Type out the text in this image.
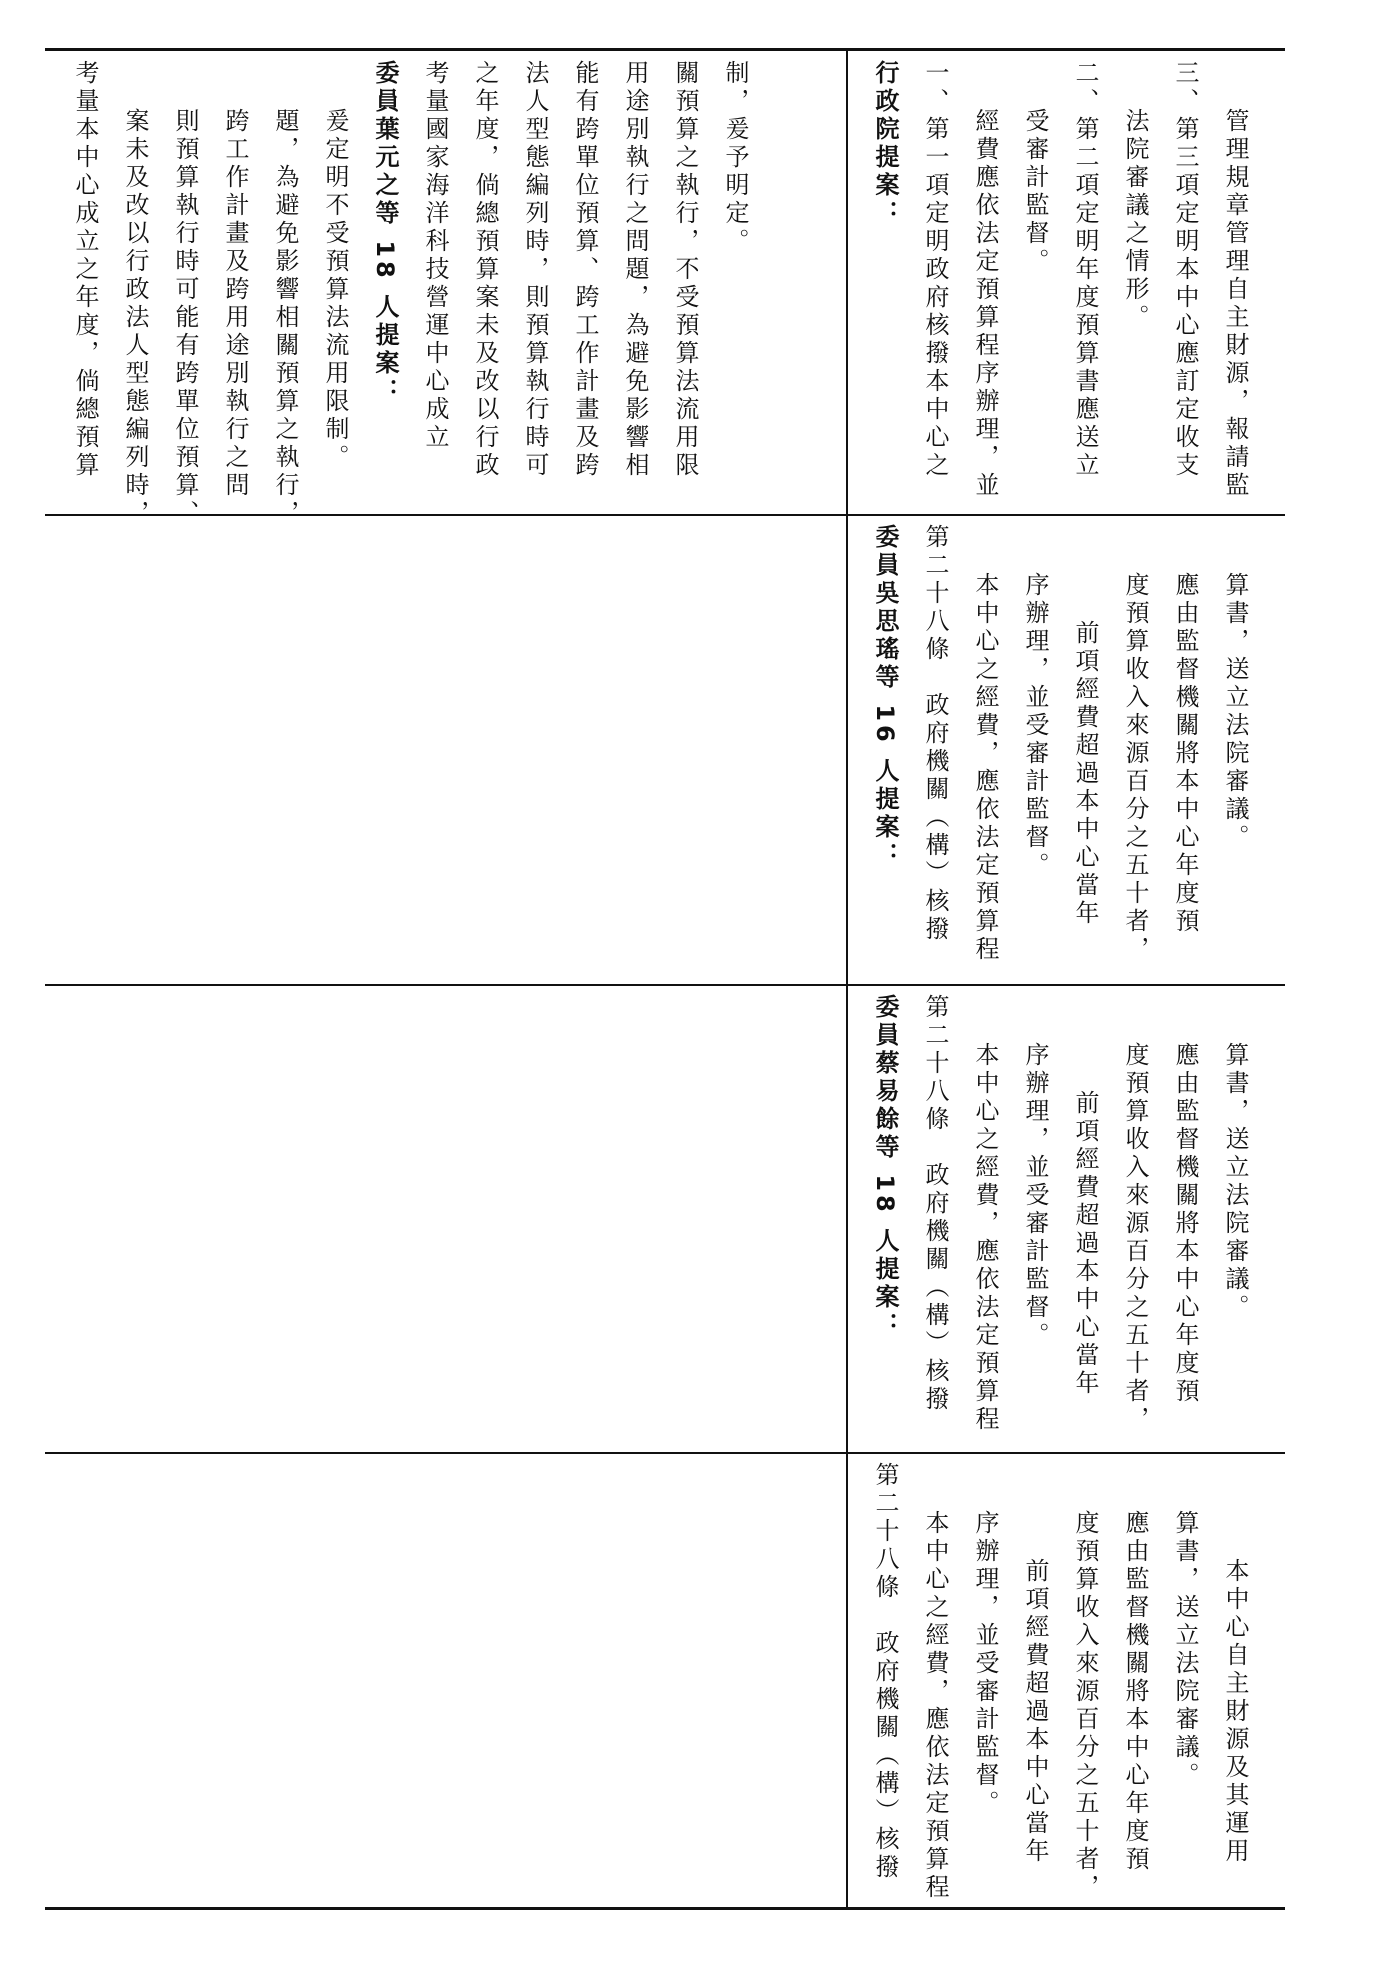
考量本中心成立之年度，倘總預算 案未及改以行政法人型態編列時， 則預算執行時可能有跨單位預算、 跨工作計畫及跨用途別執行之問 題，為避免影響相關預算之執行， 爰定明不受預算法流用限制。 委員葉元之等 18 人提案： 考量國家海洋科技營運中心成立 之年度，倘總預算案未及改以行政 法人型態編列時，則預算執行時可 能有跨單位預算、跨工作計畫及跨 用途別執行之問題，為避免影響相 關預算之執行，不受預算法流用限 制，爰予明定。	行政院提案： 一、第一項定明政府核撥本中心之 經費應依法定預算程序辦理，並 受審計監督。 二、第二項定明年度預算書應送立 法院審議之情形。 三、第三項定明本中心應訂定收支 管理規章管理自主財源，報請監
委員吳思瑤等 16 人提案： 第二十八條　政府機關（構）核撥 本中心之經費，應依法定預算程 序辦理，並受審計監督。 前項經費超過本中心當年 度預算收入來源百分之五十者， 應由監督機關將本中心年度預 算書，送立法院審議。
委員蔡易餘等 18 人提案： 第二十八條　政府機關（構）核撥 本中心之經費，應依法定預算程 序辦理，並受審計監督。 前項經費超過本中心當年 度預算收入來源百分之五十者， 應由監督機關將本中心年度預 算書，送立法院審議。
第二十八條　政府機關（構）核撥 本中心之經費，應依法定預算程 序辦理，並受審計監督。 前項經費超過本中心當年 度預算收入來源百分之五十者， 應由監督機關將本中心年度預 算書，送立法院審議。 本中心自主財源及其運用
